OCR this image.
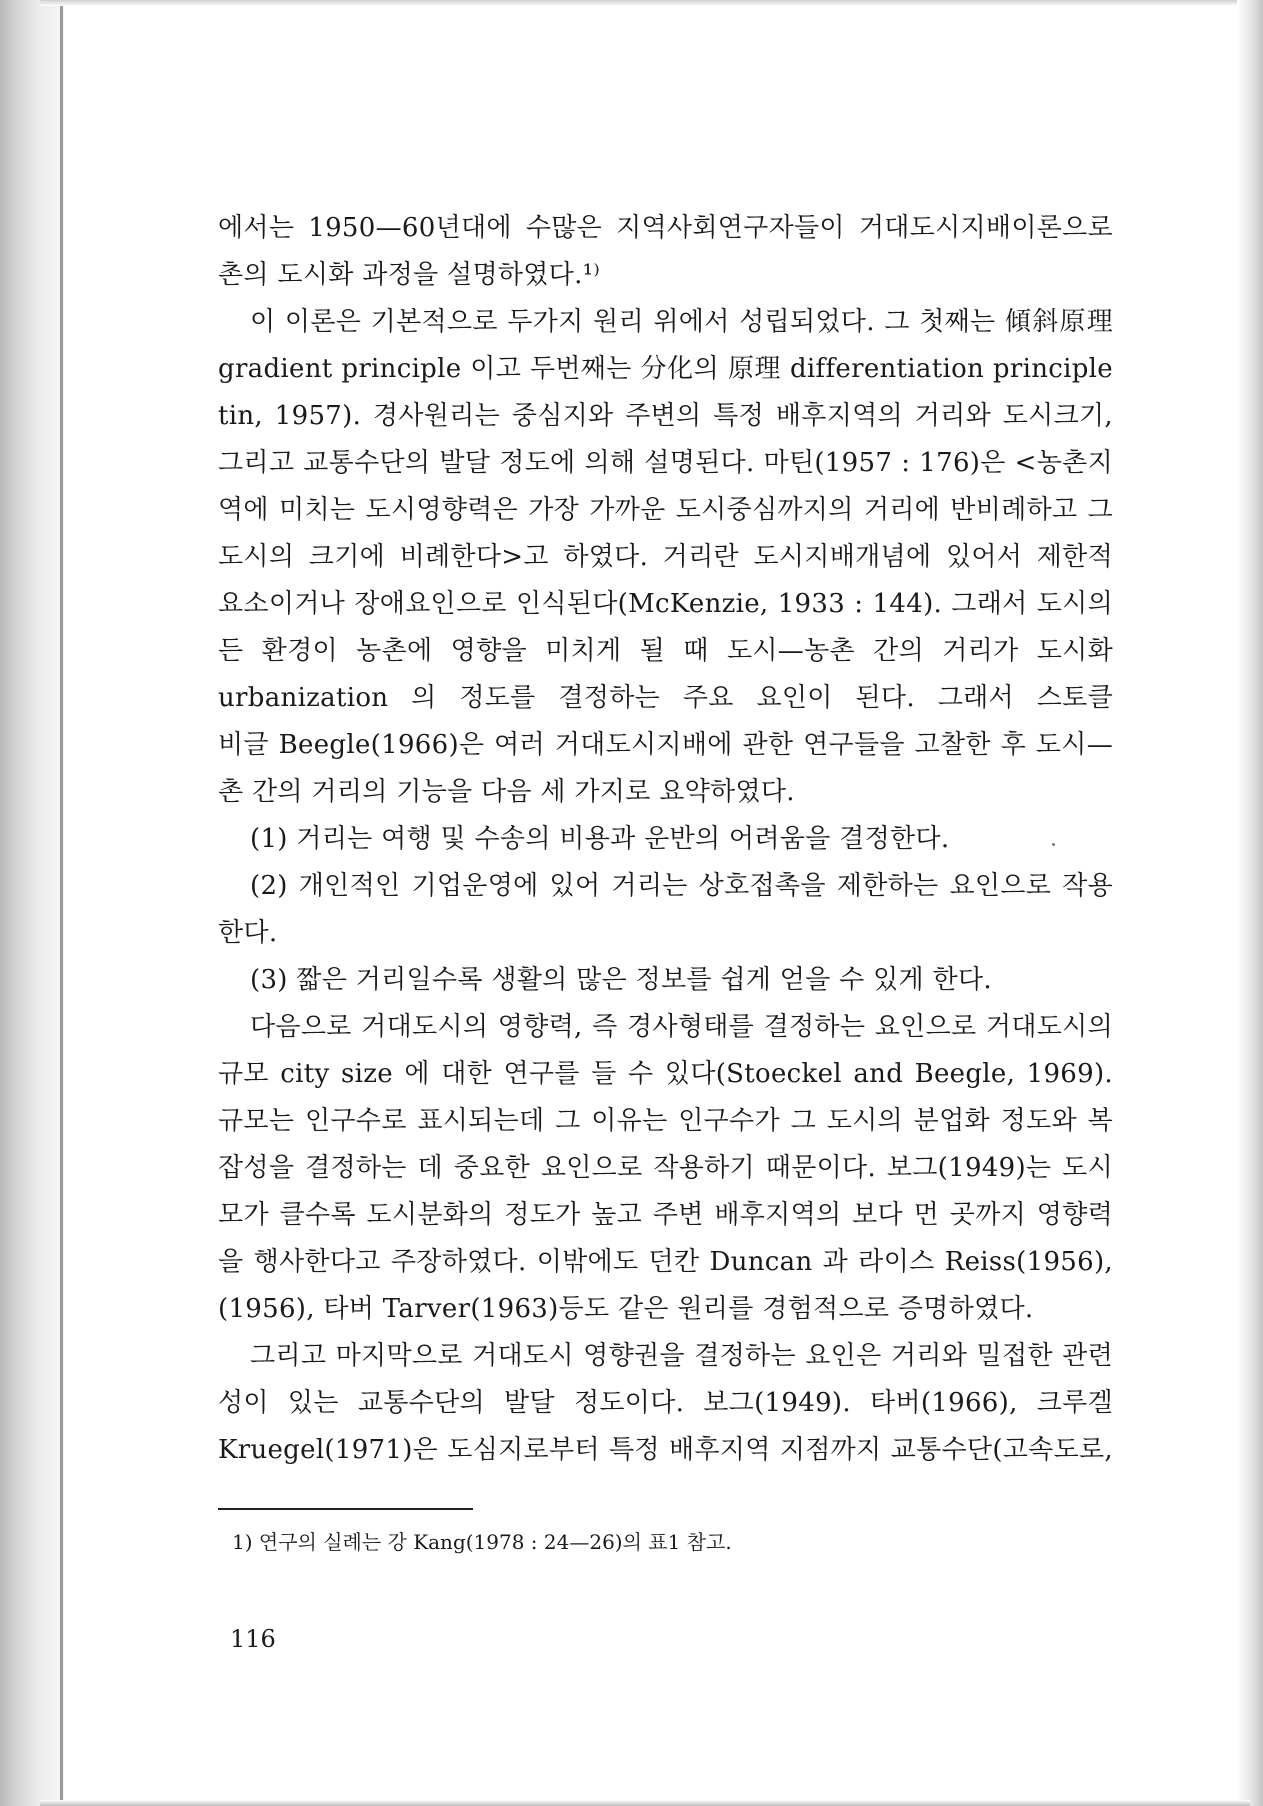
에서는 1950—60년대에 수많은 지역사회연구자들이 거대도시지배이론으로
촌의 도시화 과정을 설명하였다.¹⁾
이 이론은 기본적으로 두가지 원리 위에서 성립되었다. 그 첫째는 傾斜原理
gradient principle 이고 두번째는 分化의 原理 differentiation principle
tin, 1957). 경사원리는 중심지와 주변의 특정 배후지역의 거리와 도시크기,
그리고 교통수단의 발달 정도에 의해 설명된다. 마틴(1957 : 176)은 <농촌지
역에 미치는 도시영향력은 가장 가까운 도시중심까지의 거리에 반비례하고 그
도시의 크기에 비례한다>고 하였다. 거리란 도시지배개념에 있어서 제한적
요소이거나 장애요인으로 인식된다(McKenzie, 1933 : 144). 그래서 도시의
든 환경이 농촌에 영향을 미치게 될 때 도시—농촌 간의 거리가 도시화
urbanization 의 정도를 결정하는 주요 요인이 된다. 그래서 스토클
비글 Beegle(1966)은 여러 거대도시지배에 관한 연구들을 고찰한 후 도시—
촌 간의 거리의 기능을 다음 세 가지로 요약하였다.
(1) 거리는 여행 및 수송의 비용과 운반의 어려움을 결정한다.
(2) 개인적인 기업운영에 있어 거리는 상호접촉을 제한하는 요인으로 작용
한다.
(3) 짧은 거리일수록 생활의 많은 정보를 쉽게 얻을 수 있게 한다.
다음으로 거대도시의 영향력, 즉 경사형태를 결정하는 요인으로 거대도시의
규모 city size 에 대한 연구를 들 수 있다(Stoeckel and Beegle, 1969).
규모는 인구수로 표시되는데 그 이유는 인구수가 그 도시의 분업화 정도와 복
잡성을 결정하는 데 중요한 요인으로 작용하기 때문이다. 보그(1949)는 도시
모가 클수록 도시분화의 정도가 높고 주변 배후지역의 보다 먼 곳까지 영향력
을 행사한다고 주장하였다. 이밖에도 던칸 Duncan 과 라이스 Reiss(1956),
(1956), 타버 Tarver(1963)등도 같은 원리를 경험적으로 증명하였다.
그리고 마지막으로 거대도시 영향권을 결정하는 요인은 거리와 밀접한 관련
성이 있는 교통수단의 발달 정도이다. 보그(1949). 타버(1966), 크루겔
Kruegel(1971)은 도심지로부터 특정 배후지역 지점까지 교통수단(고속도로,
1) 연구의 실례는 강 Kang(1978 : 24—26)의 표1 참고.
116
